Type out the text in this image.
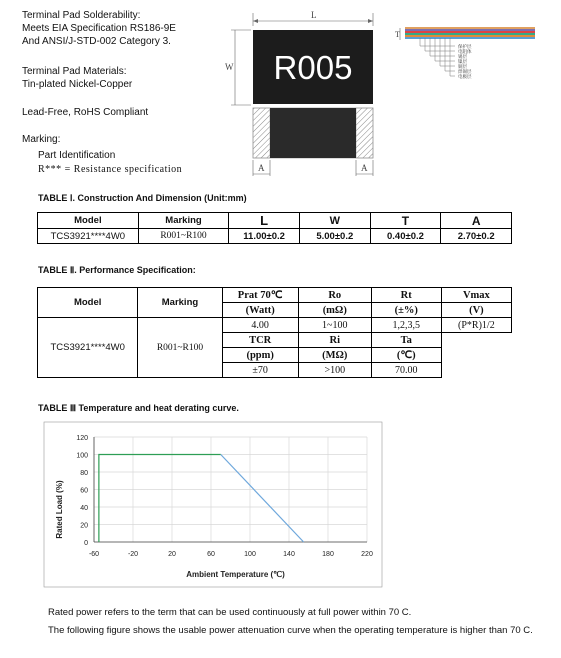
Terminal Pad Solderability:
Meets EIA Specification RS186-9E
And ANSI/J-STD-002 Category 3.
Terminal Pad Materials:
Tin-plated Nickel-Copper
Lead-Free, RoHS Compliant
Marking:
Part Identification
R*** = Resistance specification
L
W R005
A	A
T
保护层
电阻体
锡层
镍层
铜层
焊锡层
电极层
TABLE Ⅰ. Construction And Dimension (Unit:mm)
Model	Marking	L	W	T	A
TCS3921****4W0	R001~R100	11.00±0.2	5.00±0.2	0.40±0.2	2.70±0.2
TABLE Ⅱ. Performance Specification:
Model	Marking	Prat 70℃	Ro	Rt	Vmax
		(Watt)	(mΩ)	(±%)	(V)
TCS3921****4W0	R001~R100	4.00	1~100	1,2,3,5	(P*R)1/2
		TCR	Ri	Ta	
		(ppm)	(MΩ)	(℃)	
		±70	>100	70.00	
TABLE Ⅲ Temperature and heat derating curve.
0
20
40
60
80
100
120
-60	-20	20	60	100	140	180	220
Ambient Temperature (℃)
Rated Load (%)
Rated power refers to the term that can be used continuously at full power within 70 C.
The following figure shows the usable power attenuation curve when the operating temperature is higher than 70 C.
